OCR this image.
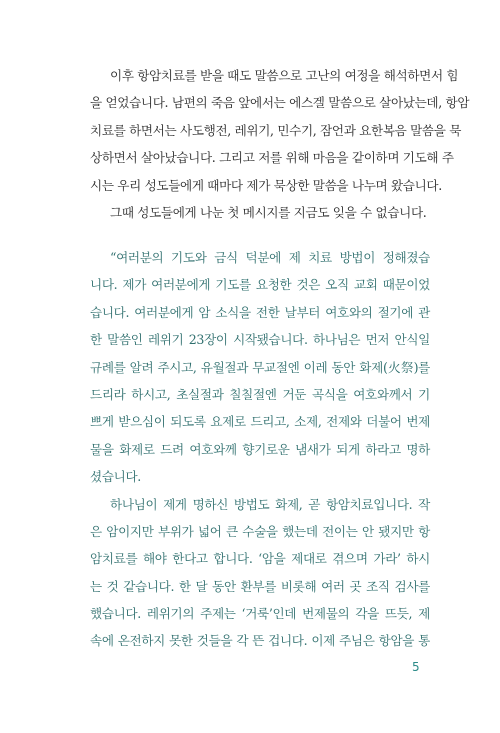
이후 항암치료를 받을 때도 말씀으로 고난의 여정을 해석하면서 힘
을 얻었습니다. 남편의 죽음 앞에서는 에스겔 말씀으로 살아났는데, 항암
치료를 하면서는 사도행전, 레위기, 민수기, 잠언과 요한복음 말씀을 묵
상하면서 살아났습니다. 그리고 저를 위해 마음을 같이하며 기도해 주
시는 우리 성도들에게 때마다 제가 묵상한 말씀을 나누며 왔습니다.
그때 성도들에게 나눈 첫 메시지를 지금도 잊을 수 없습니다.
“여러분의 기도와 금식 덕분에 제 치료 방법이 정해졌습
니다. 제가 여러분에게 기도를 요청한 것은 오직 교회 때문이었
습니다. 여러분에게 암 소식을 전한 날부터 여호와의 절기에 관
한 말씀인 레위기 23장이 시작됐습니다. 하나님은 먼저 안식일
규례를 알려 주시고, 유월절과 무교절엔 이레 동안 화제(火祭)를
드리라 하시고, 초실절과 칠칠절엔 거둔 곡식을 여호와께서 기
쁘게 받으심이 되도록 요제로 드리고, 소제, 전제와 더불어 번제
물을 화제로 드려 여호와께 향기로운 냄새가 되게 하라고 명하
셨습니다.
하나님이 제게 명하신 방법도 화제, 곧 항암치료입니다. 작
은 암이지만 부위가 넓어 큰 수술을 했는데 전이는 안 됐지만 항
암치료를 해야 한다고 합니다. ‘암을 제대로 겪으며 가라’ 하시
는 것 같습니다. 한 달 동안 환부를 비롯해 여러 곳 조직 검사를
했습니다. 레위기의 주제는 ‘거룩’인데 번제물의 각을 뜨듯, 제
속에 온전하지 못한 것들을 각 뜬 겁니다. 이제 주님은 항암을 통
5
